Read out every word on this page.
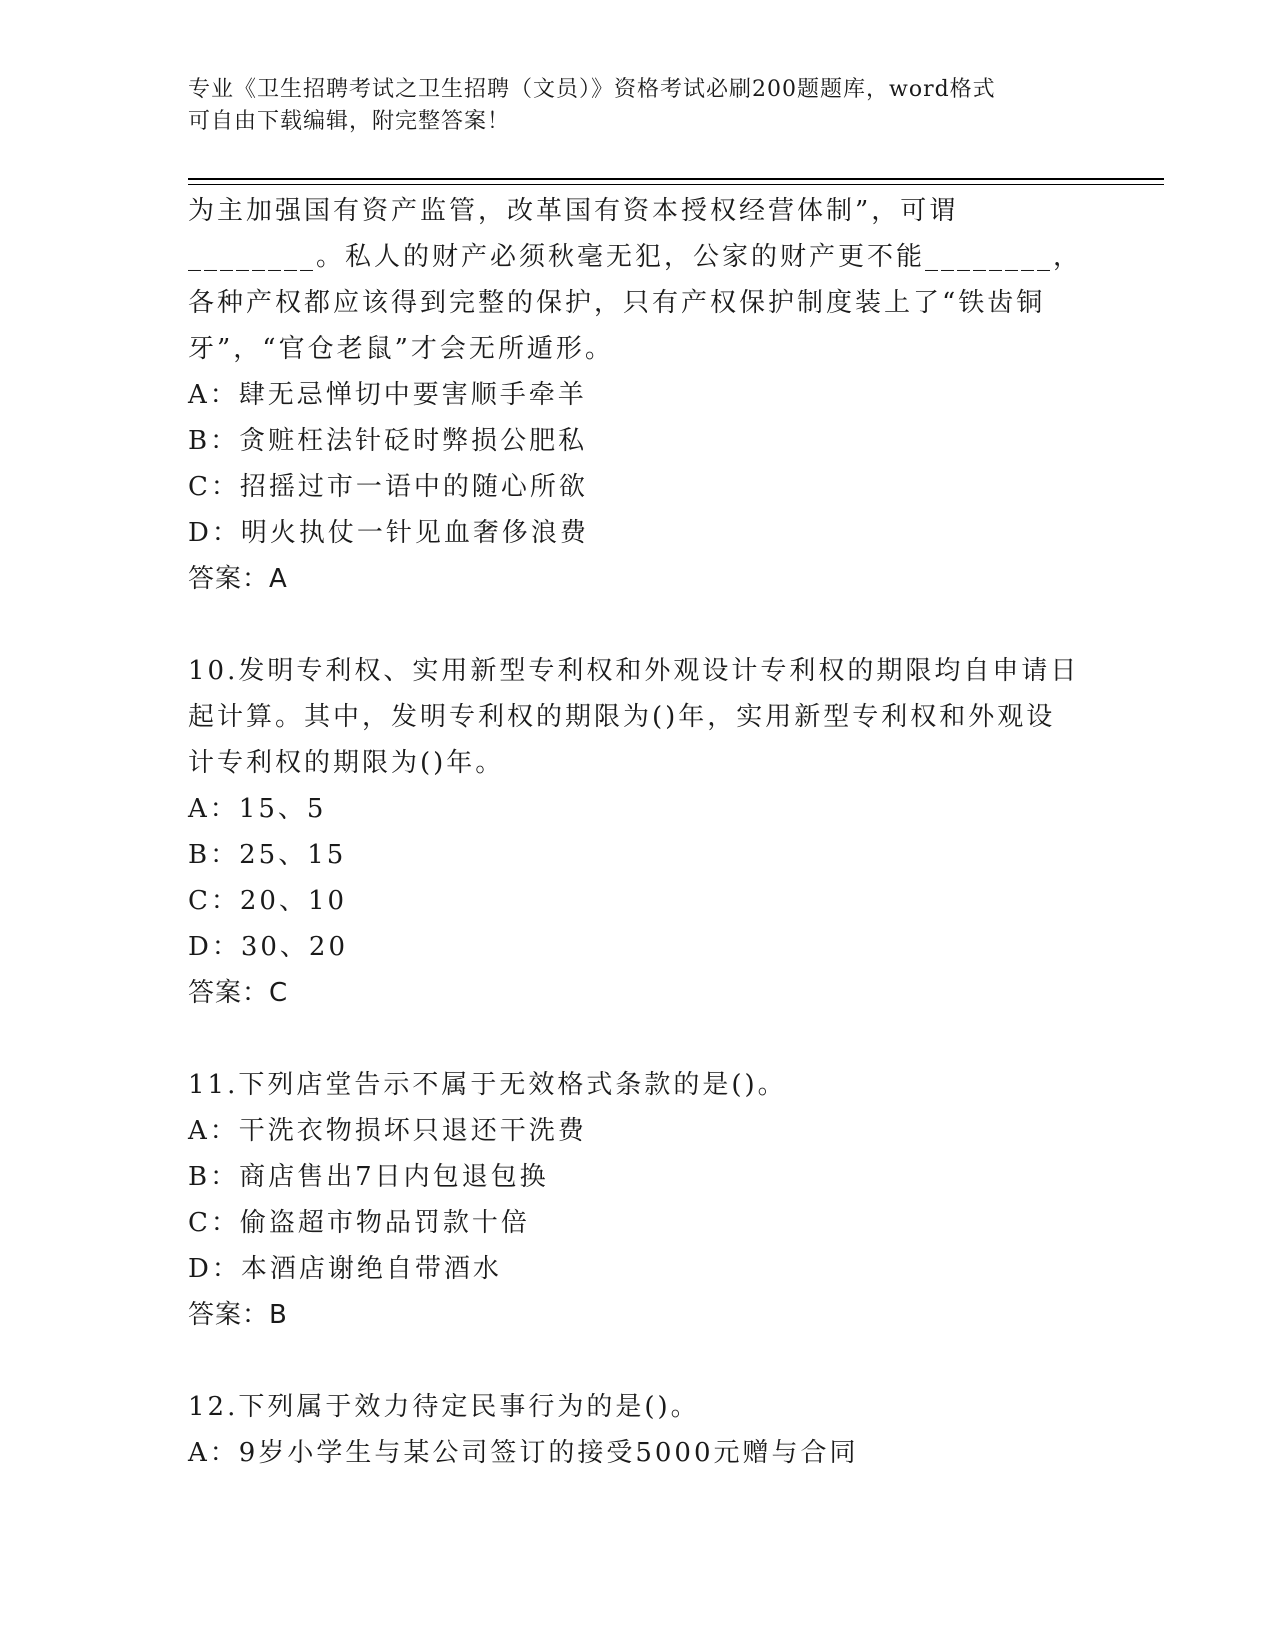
专业《卫生招聘考试之卫生招聘（文员）》资格考试必刷200题题库，word格式
可自由下载编辑，附完整答案！
为主加强国有资产监管，改革国有资本授权经营体制”，可谓
________。私人的财产必须秋毫无犯，公家的财产更不能________，
各种产权都应该得到完整的保护，只有产权保护制度装上了“铁齿铜
牙”，“官仓老鼠”才会无所遁形。
A：肆无忌惮切中要害顺手牵羊
B：贪赃枉法针砭时弊损公肥私
C：招摇过市一语中的随心所欲
D：明火执仗一针见血奢侈浪费
答案：A
10.发明专利权、实用新型专利权和外观设计专利权的期限均自申请日
起计算。其中，发明专利权的期限为()年，实用新型专利权和外观设
计专利权的期限为()年。
A：15、5
B：25、15
C：20、10
D：30、20
答案：C
11.下列店堂告示不属于无效格式条款的是()。
A：干洗衣物损坏只退还干洗费
B：商店售出7日内包退包换
C：偷盗超市物品罚款十倍
D：本酒店谢绝自带酒水
答案：B
12.下列属于效力待定民事行为的是()。
A：9岁小学生与某公司签订的接受5000元赠与合同
